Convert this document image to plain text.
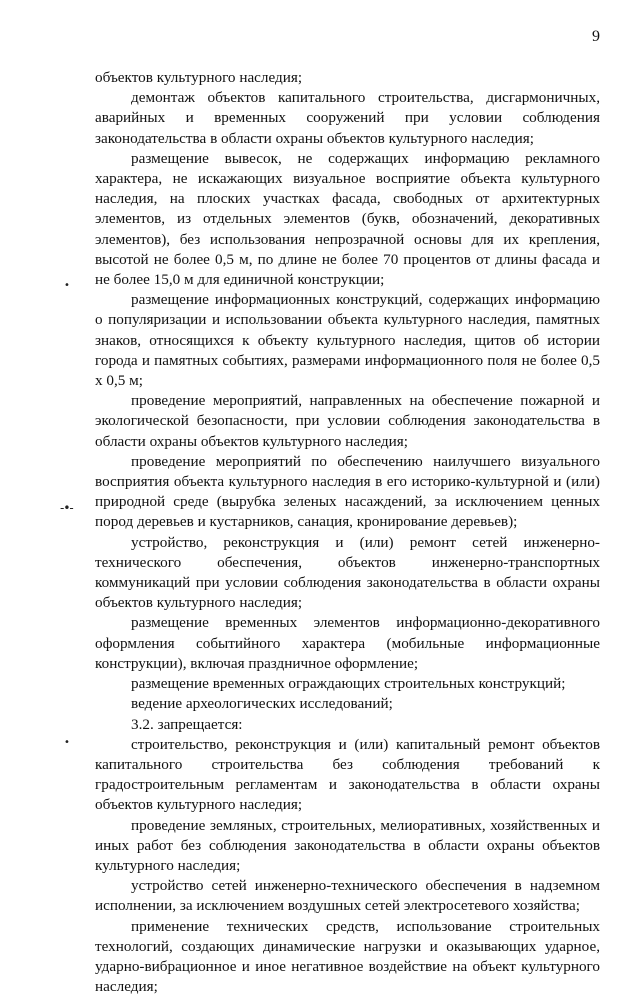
9
•
-•-
•

объектов культурного наследия;

демонтаж объектов капитального строительства, дисгармоничных, аварийных и временных сооружений при условии соблюдения законодательства в области охраны объектов культурного наследия;

размещение вывесок, не содержащих информацию рекламного характера, не искажающих визуальное восприятие объекта культурного наследия, на плоских участках фасада, свободных от архитектурных элементов, из отдельных элементов (букв, обозначений, декоративных элементов), без использования непрозрачной основы для их крепления, высотой не более 0,5 м, по длине не более 70 процентов от длины фасада и не более 15,0 м для единичной конструкции;

размещение информационных конструкций, содержащих информацию о популяризации и использовании объекта культурного наследия, памятных знаков, относящихся к объекту культурного наследия, щитов об истории города и памятных событиях, размерами информационного поля не более 0,5 х 0,5 м;

проведение мероприятий, направленных на обеспечение пожарной и экологической безопасности, при условии соблюдения законодательства в области охраны объектов культурного наследия;

проведение мероприятий по обеспечению наилучшего визуального восприятия объекта культурного наследия в его историко-культурной и (или) природной среде (вырубка зеленых насаждений, за исключением ценных пород деревьев и кустарников, санация, кронирование деревьев);

устройство, реконструкция и (или) ремонт сетей инженерно-технического обеспечения, объектов инженерно-транспортных коммуникаций при условии соблюдения законодательства в области охраны объектов культурного наследия;

размещение временных элементов информационно-декоративного оформления событийного характера (мобильные информационные конструкции), включая праздничное оформление;

размещение временных ограждающих строительных конструкций;

ведение археологических исследований;

3.2. запрещается:

строительство, реконструкция и (или) капитальный ремонт объектов капитального строительства без соблюдения требований к градостроительным регламентам и законодательства в области охраны объектов культурного наследия;

проведение земляных, строительных, мелиоративных, хозяйственных и иных работ без соблюдения законодательства в области охраны объектов культурного наследия;

устройство сетей инженерно-технического обеспечения в надземном исполнении, за исключением воздушных сетей электросетевого хозяйства;

применение технических средств, использование строительных технологий, создающих динамические нагрузки и оказывающих ударное, ударно-вибрационное и иное негативное воздействие на объект культурного наследия;
